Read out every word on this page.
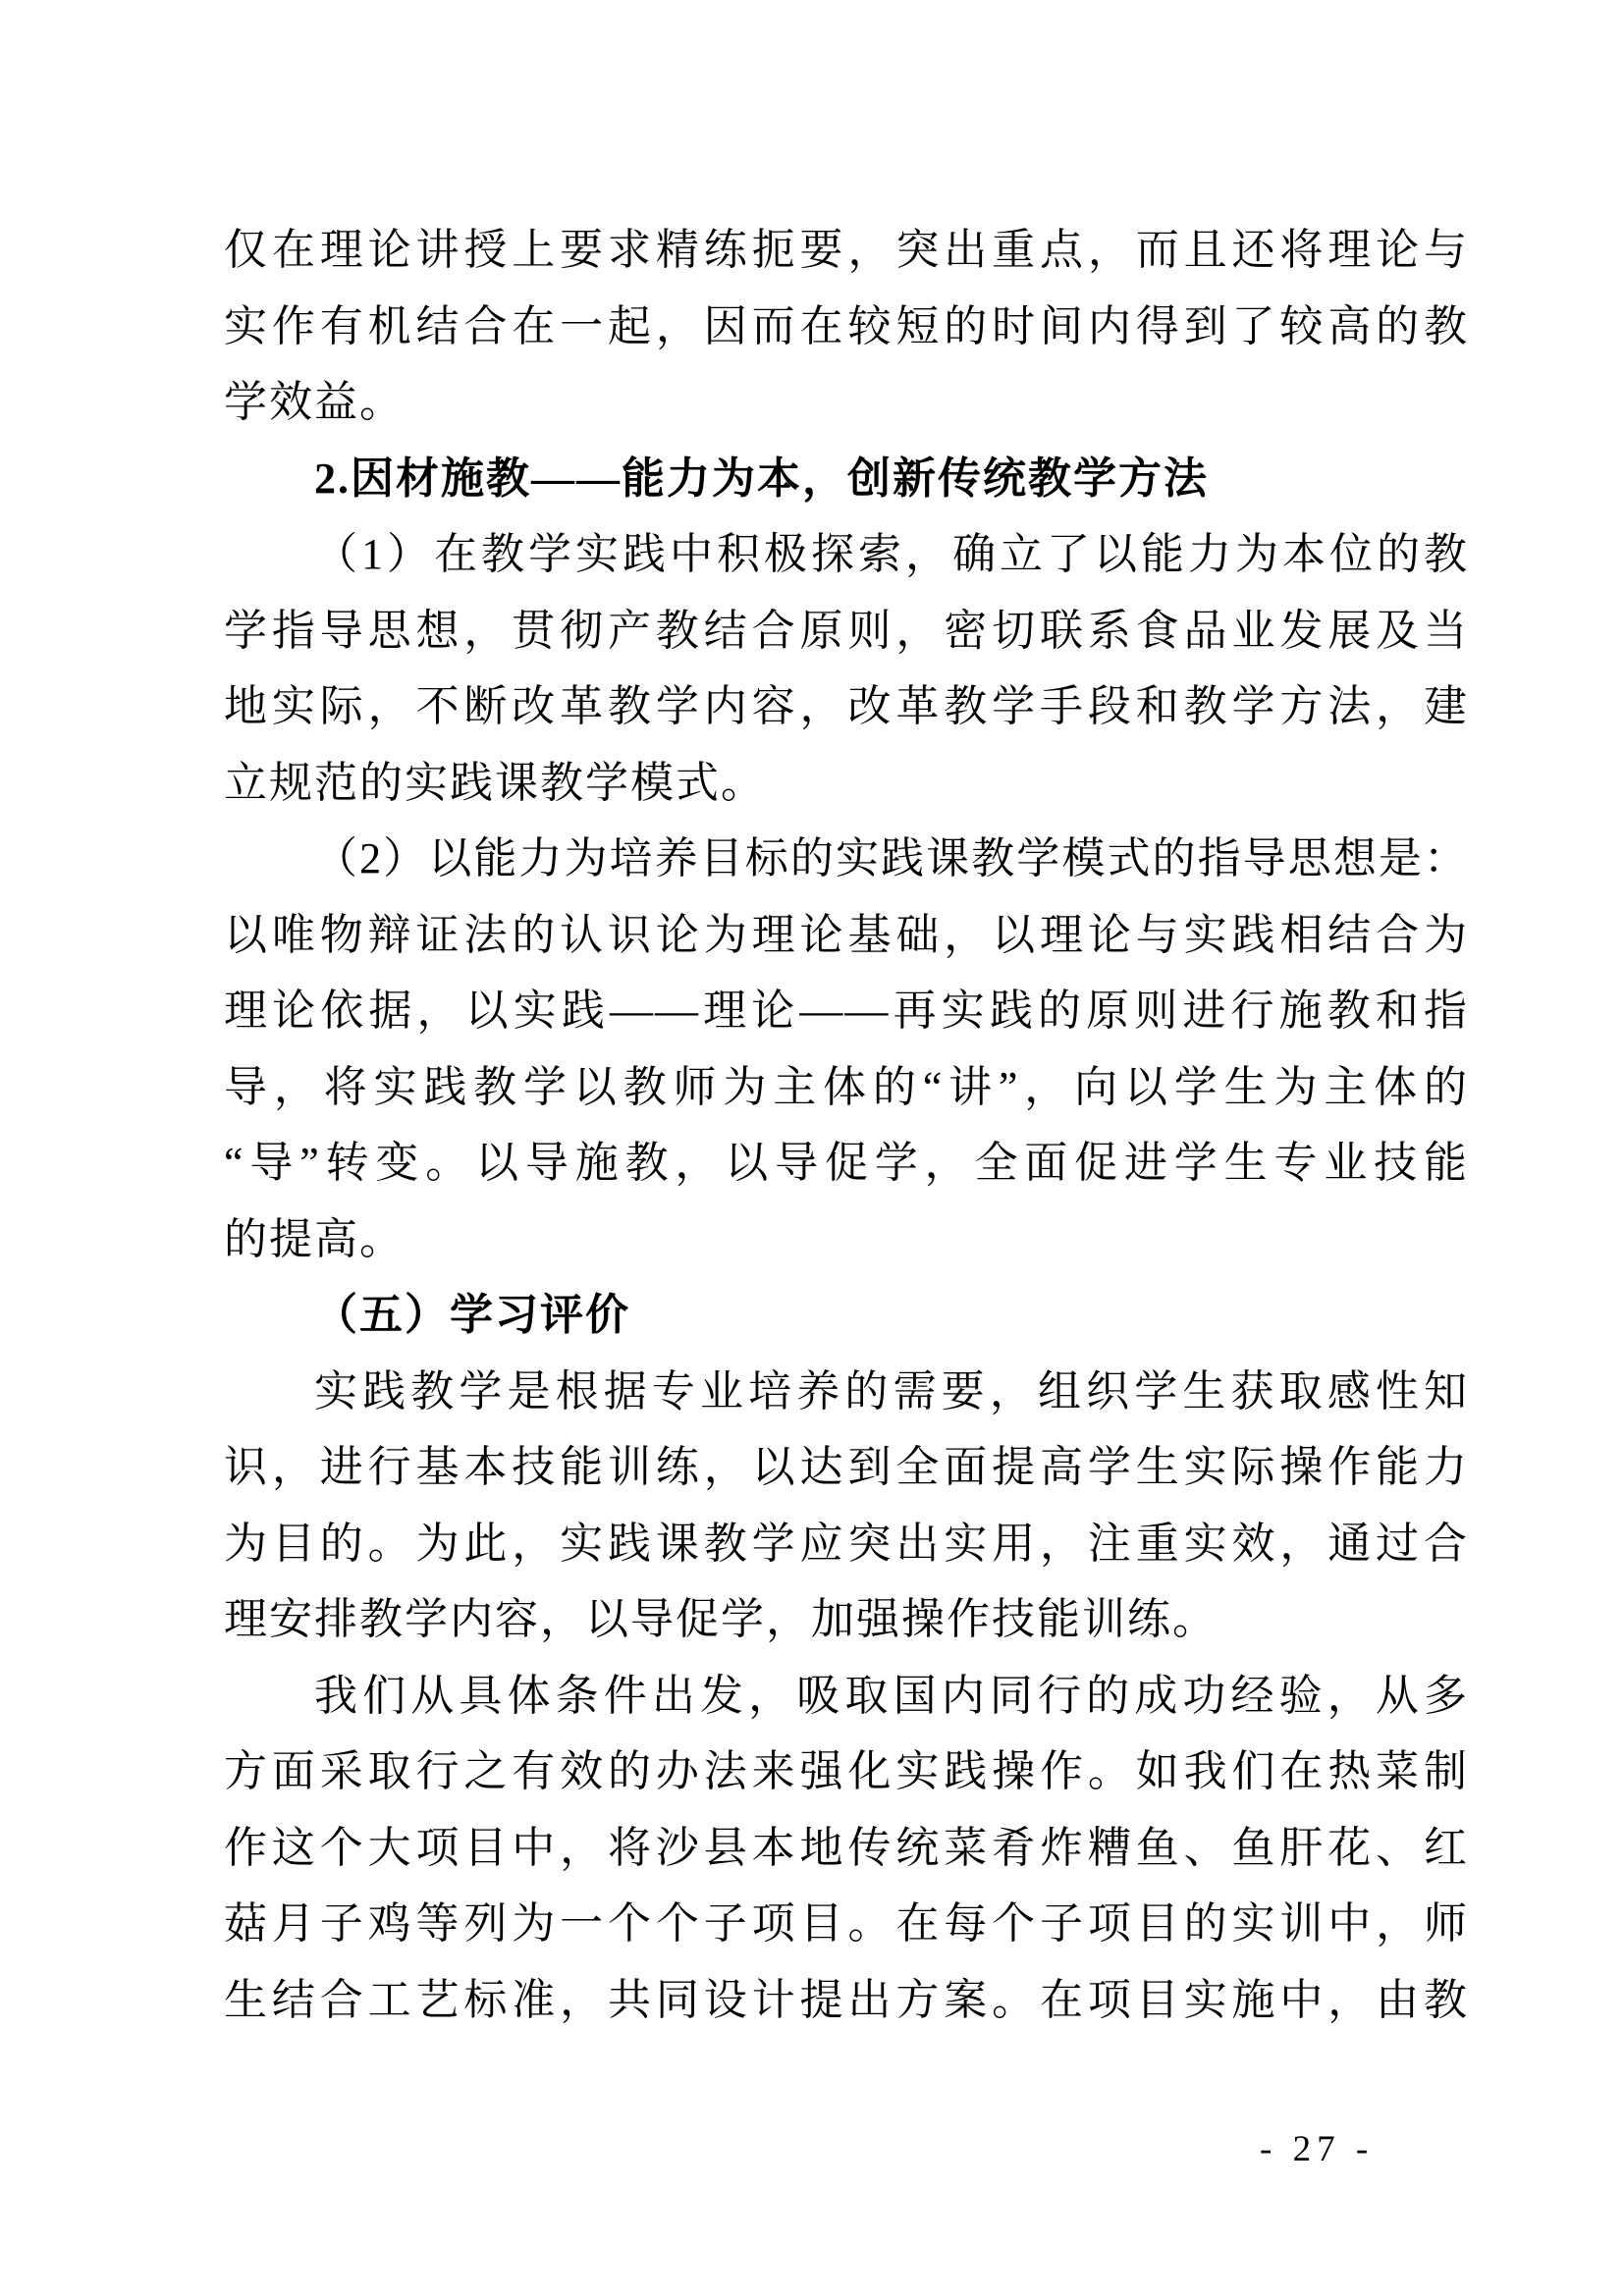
仅在理论讲授上要求精练扼要，突出重点，而且还将理论与
实作有机结合在一起，因而在较短的时间内得到了较高的教
学效益。
2.因材施教——能力为本，创新传统教学方法
（1）在教学实践中积极探索，确立了以能力为本位的教
学指导思想，贯彻产教结合原则，密切联系食品业发展及当
地实际，不断改革教学内容，改革教学手段和教学方法，建
立规范的实践课教学模式。
（2）以能力为培养目标的实践课教学模式的指导思想是：
以唯物辩证法的认识论为理论基础，以理论与实践相结合为
理论依据，以实践——理论——再实践的原则进行施教和指
导，将实践教学以教师为主体的“讲”，向以学生为主体的
“导”转变。以导施教，以导促学，全面促进学生专业技能
的提高。
（五）学习评价
实践教学是根据专业培养的需要，组织学生获取感性知
识，进行基本技能训练，以达到全面提高学生实际操作能力
为目的。为此，实践课教学应突出实用，注重实效，通过合
理安排教学内容，以导促学，加强操作技能训练。
我们从具体条件出发，吸取国内同行的成功经验，从多
方面采取行之有效的办法来强化实践操作。如我们在热菜制
作这个大项目中，将沙县本地传统菜肴炸糟鱼、鱼肝花、红
菇月子鸡等列为一个个子项目。在每个子项目的实训中，师
生结合工艺标准，共同设计提出方案。在项目实施中，由教
- 27 -
